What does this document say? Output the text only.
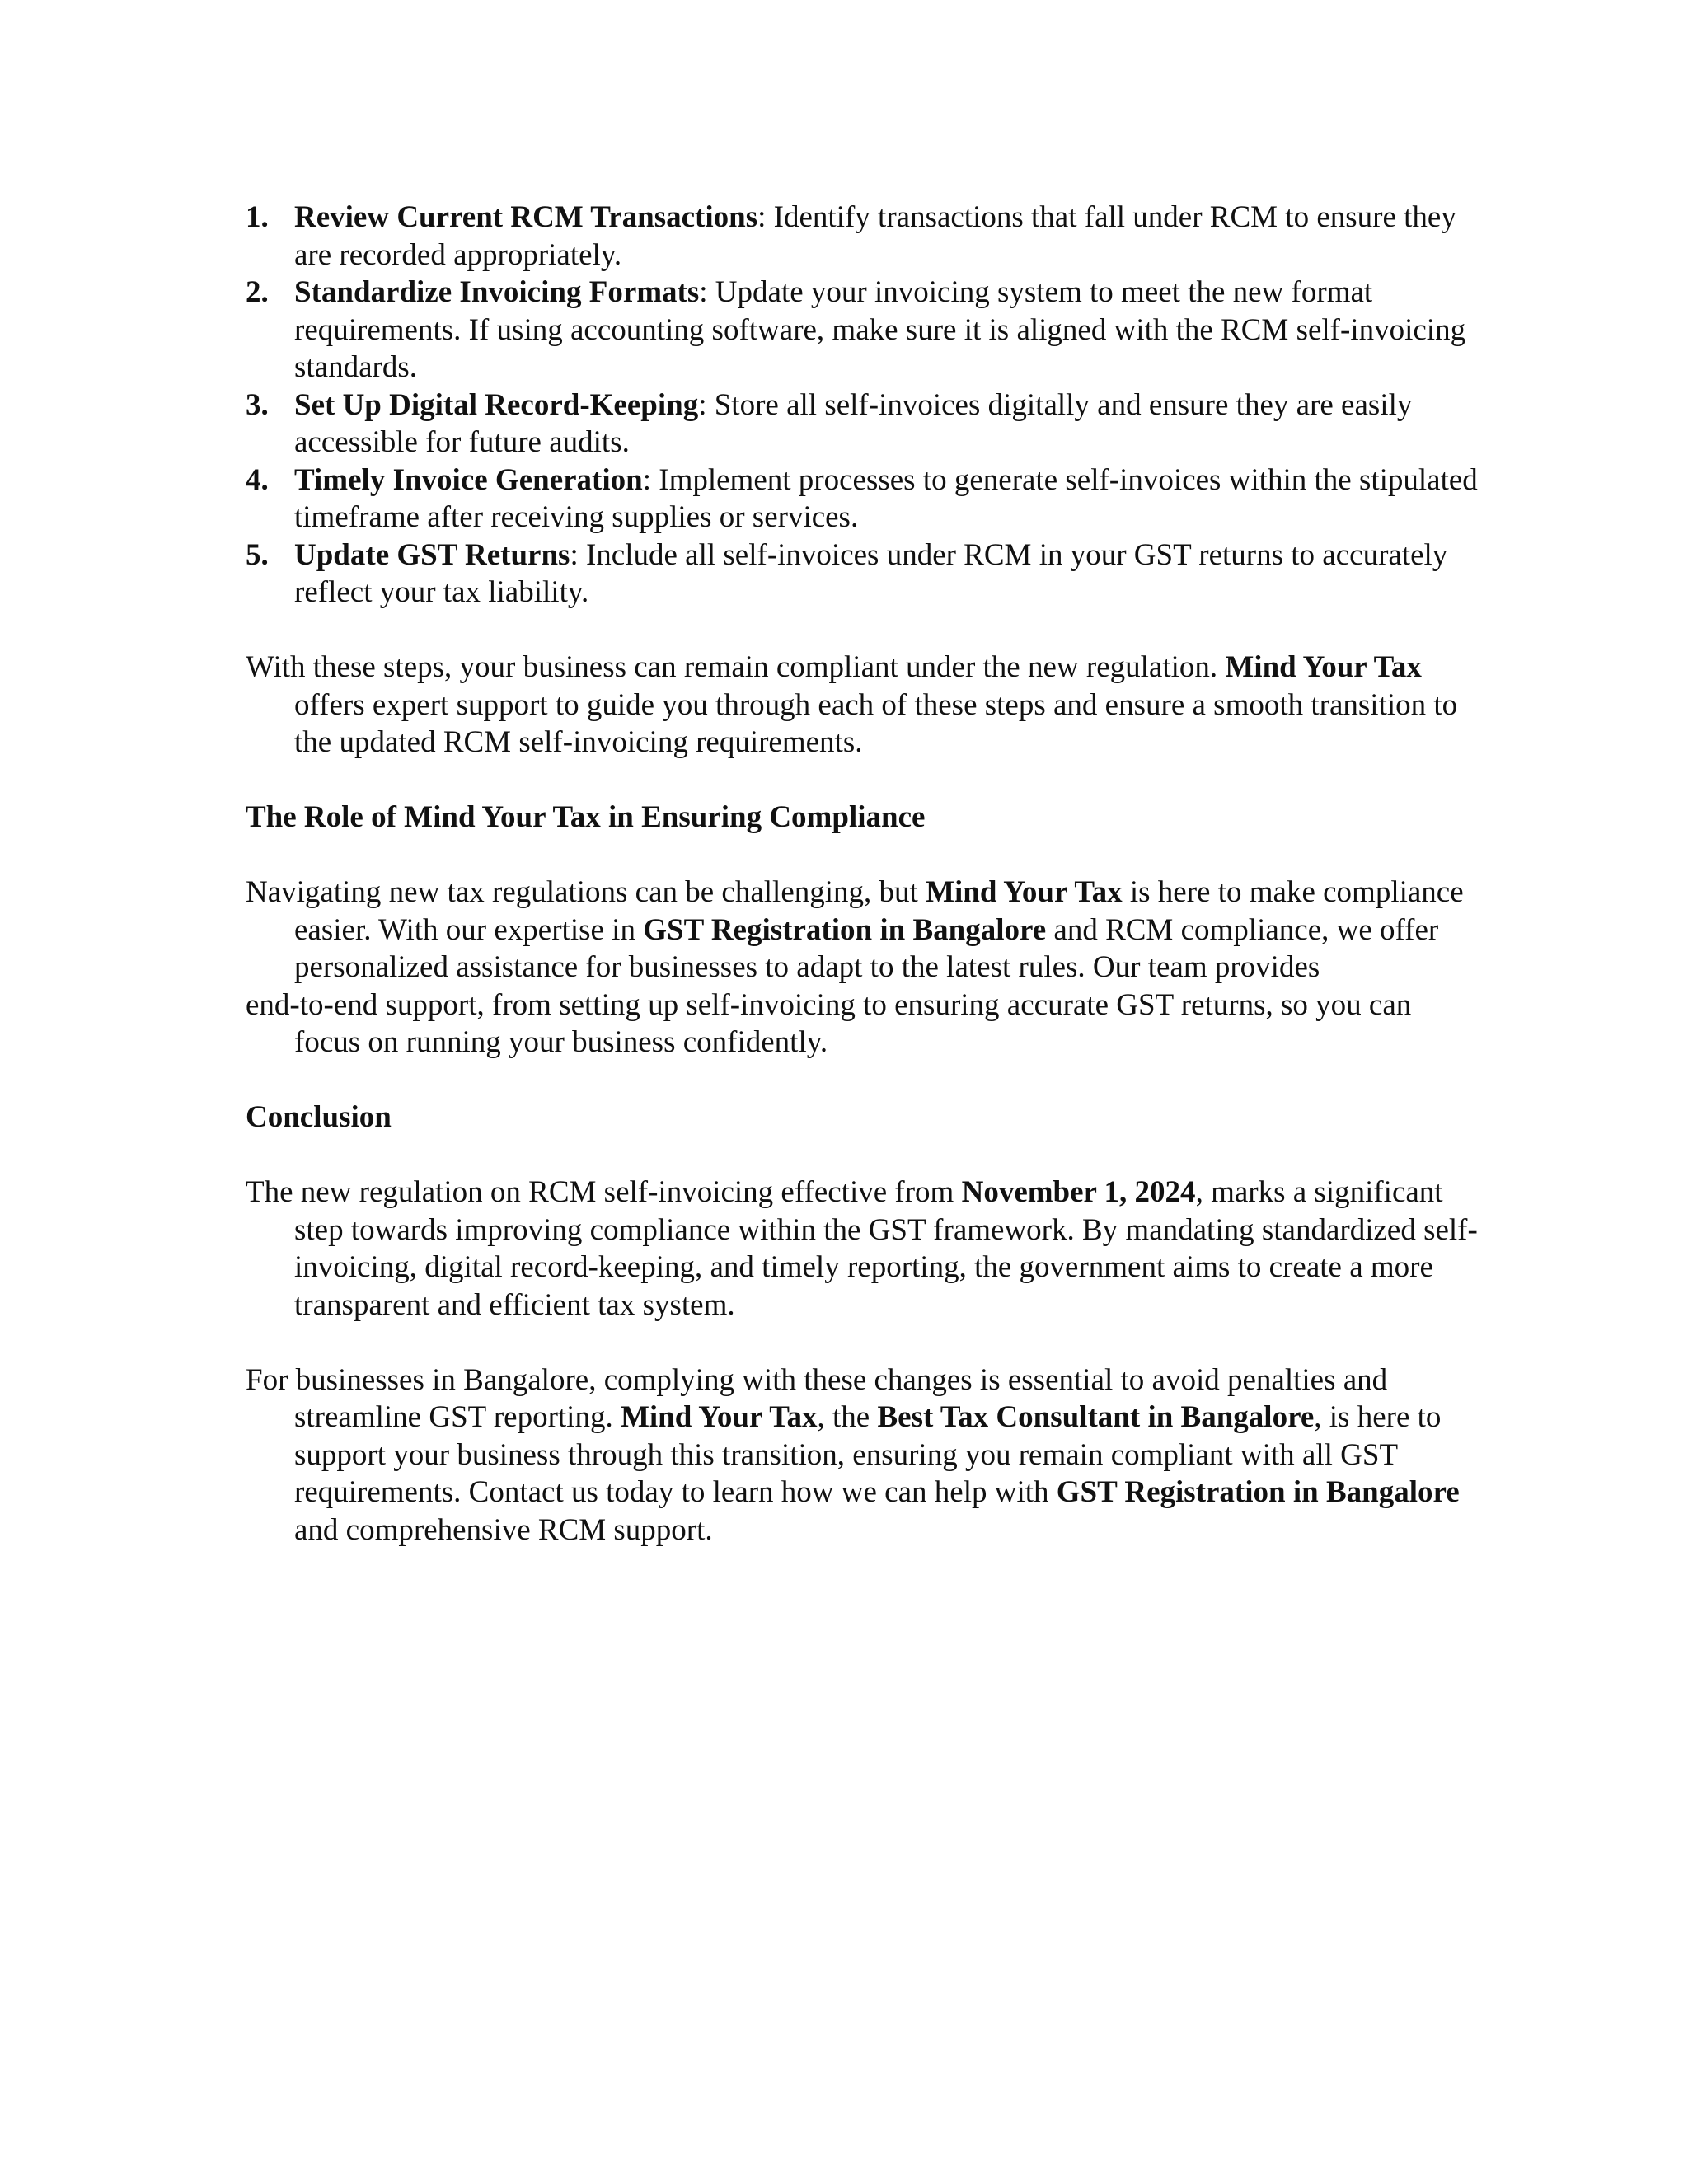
1. Review Current RCM Transactions: Identify transactions that fall under RCM to ensure they are recorded appropriately.
2. Standardize Invoicing Formats: Update your invoicing system to meet the new format requirements. If using accounting software, make sure it is aligned with the RCM self-invoicing standards.
3. Set Up Digital Record-Keeping: Store all self-invoices digitally and ensure they are easily accessible for future audits.
4. Timely Invoice Generation: Implement processes to generate self-invoices within the stipulated timeframe after receiving supplies or services.
5. Update GST Returns: Include all self-invoices under RCM in your GST returns to accurately reflect your tax liability.

With these steps, your business can remain compliant under the new regulation. Mind Your Tax offers expert support to guide you through each of these steps and ensure a smooth transition to the updated RCM self-invoicing requirements.

The Role of Mind Your Tax in Ensuring Compliance

Navigating new tax regulations can be challenging, but Mind Your Tax is here to make compliance easier. With our expertise in GST Registration in Bangalore and RCM compliance, we offer personalized assistance for businesses to adapt to the latest rules. Our team provides

end-to-end support, from setting up self-invoicing to ensuring accurate GST returns, so you can focus on running your business confidently.

Conclusion

The new regulation on RCM self-invoicing effective from November 1, 2024, marks a significant step towards improving compliance within the GST framework. By mandating standardized self-invoicing, digital record-keeping, and timely reporting, the government aims to create a more transparent and efficient tax system.

For businesses in Bangalore, complying with these changes is essential to avoid penalties and streamline GST reporting. Mind Your Tax, the Best Tax Consultant in Bangalore, is here to support your business through this transition, ensuring you remain compliant with all GST requirements. Contact us today to learn how we can help with GST Registration in Bangalore and comprehensive RCM support.
